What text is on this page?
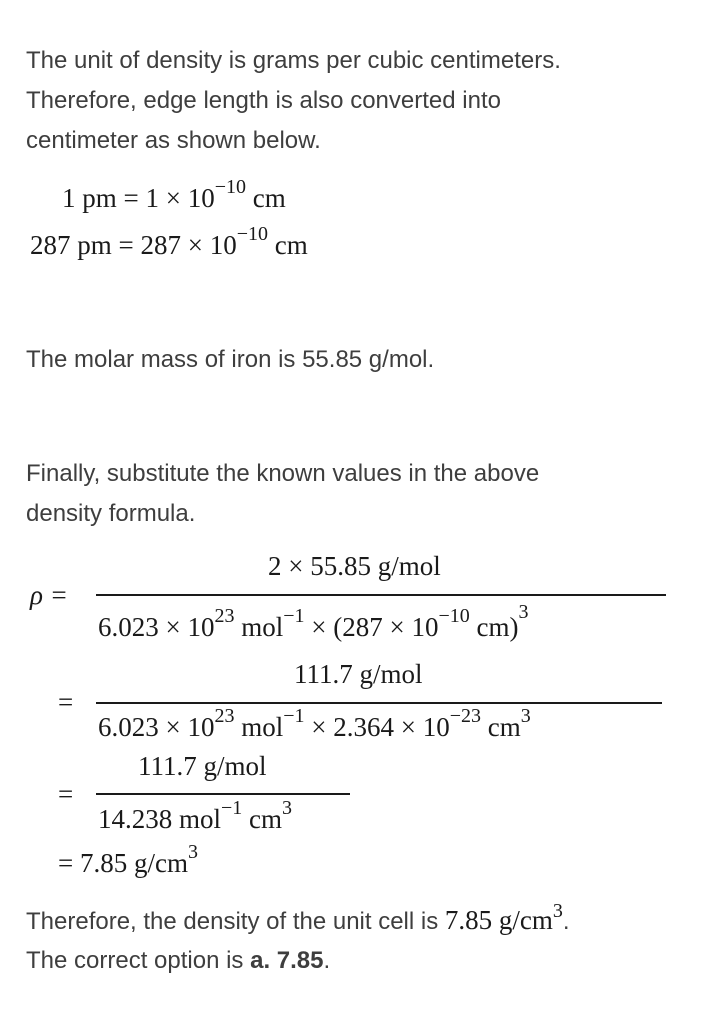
The unit of density is grams per cubic centimeters.
Therefore, edge length is also converted into
centimeter as shown below.
1 pm = $1 \times 10^{-10}$ cm
287 pm = $287 \times 10^{-10}$ cm
The molar mass of iron is 55.85 g/mol.
Finally, substitute the known values in the above
density formula.
ρ =
2 × 55.85 g/mol
$6.023 \times 10^{23}$ $mol^{-1} \times (287 \times 10^{-10}$ cm)$^3$
=
111.7 g/mol
$6.023 \times 10^{23}$ $mol^{-1} \times 2.364 \times 10^{-23}$ $cm^3$
=
111.7 g/mol
14.238 mol$^{-1}$ $cm^3$
= 7.85 $g/cm^3$
Therefore, the density of the unit cell is 7.85 $g/cm^3$.
The correct option is a. 7.85.
